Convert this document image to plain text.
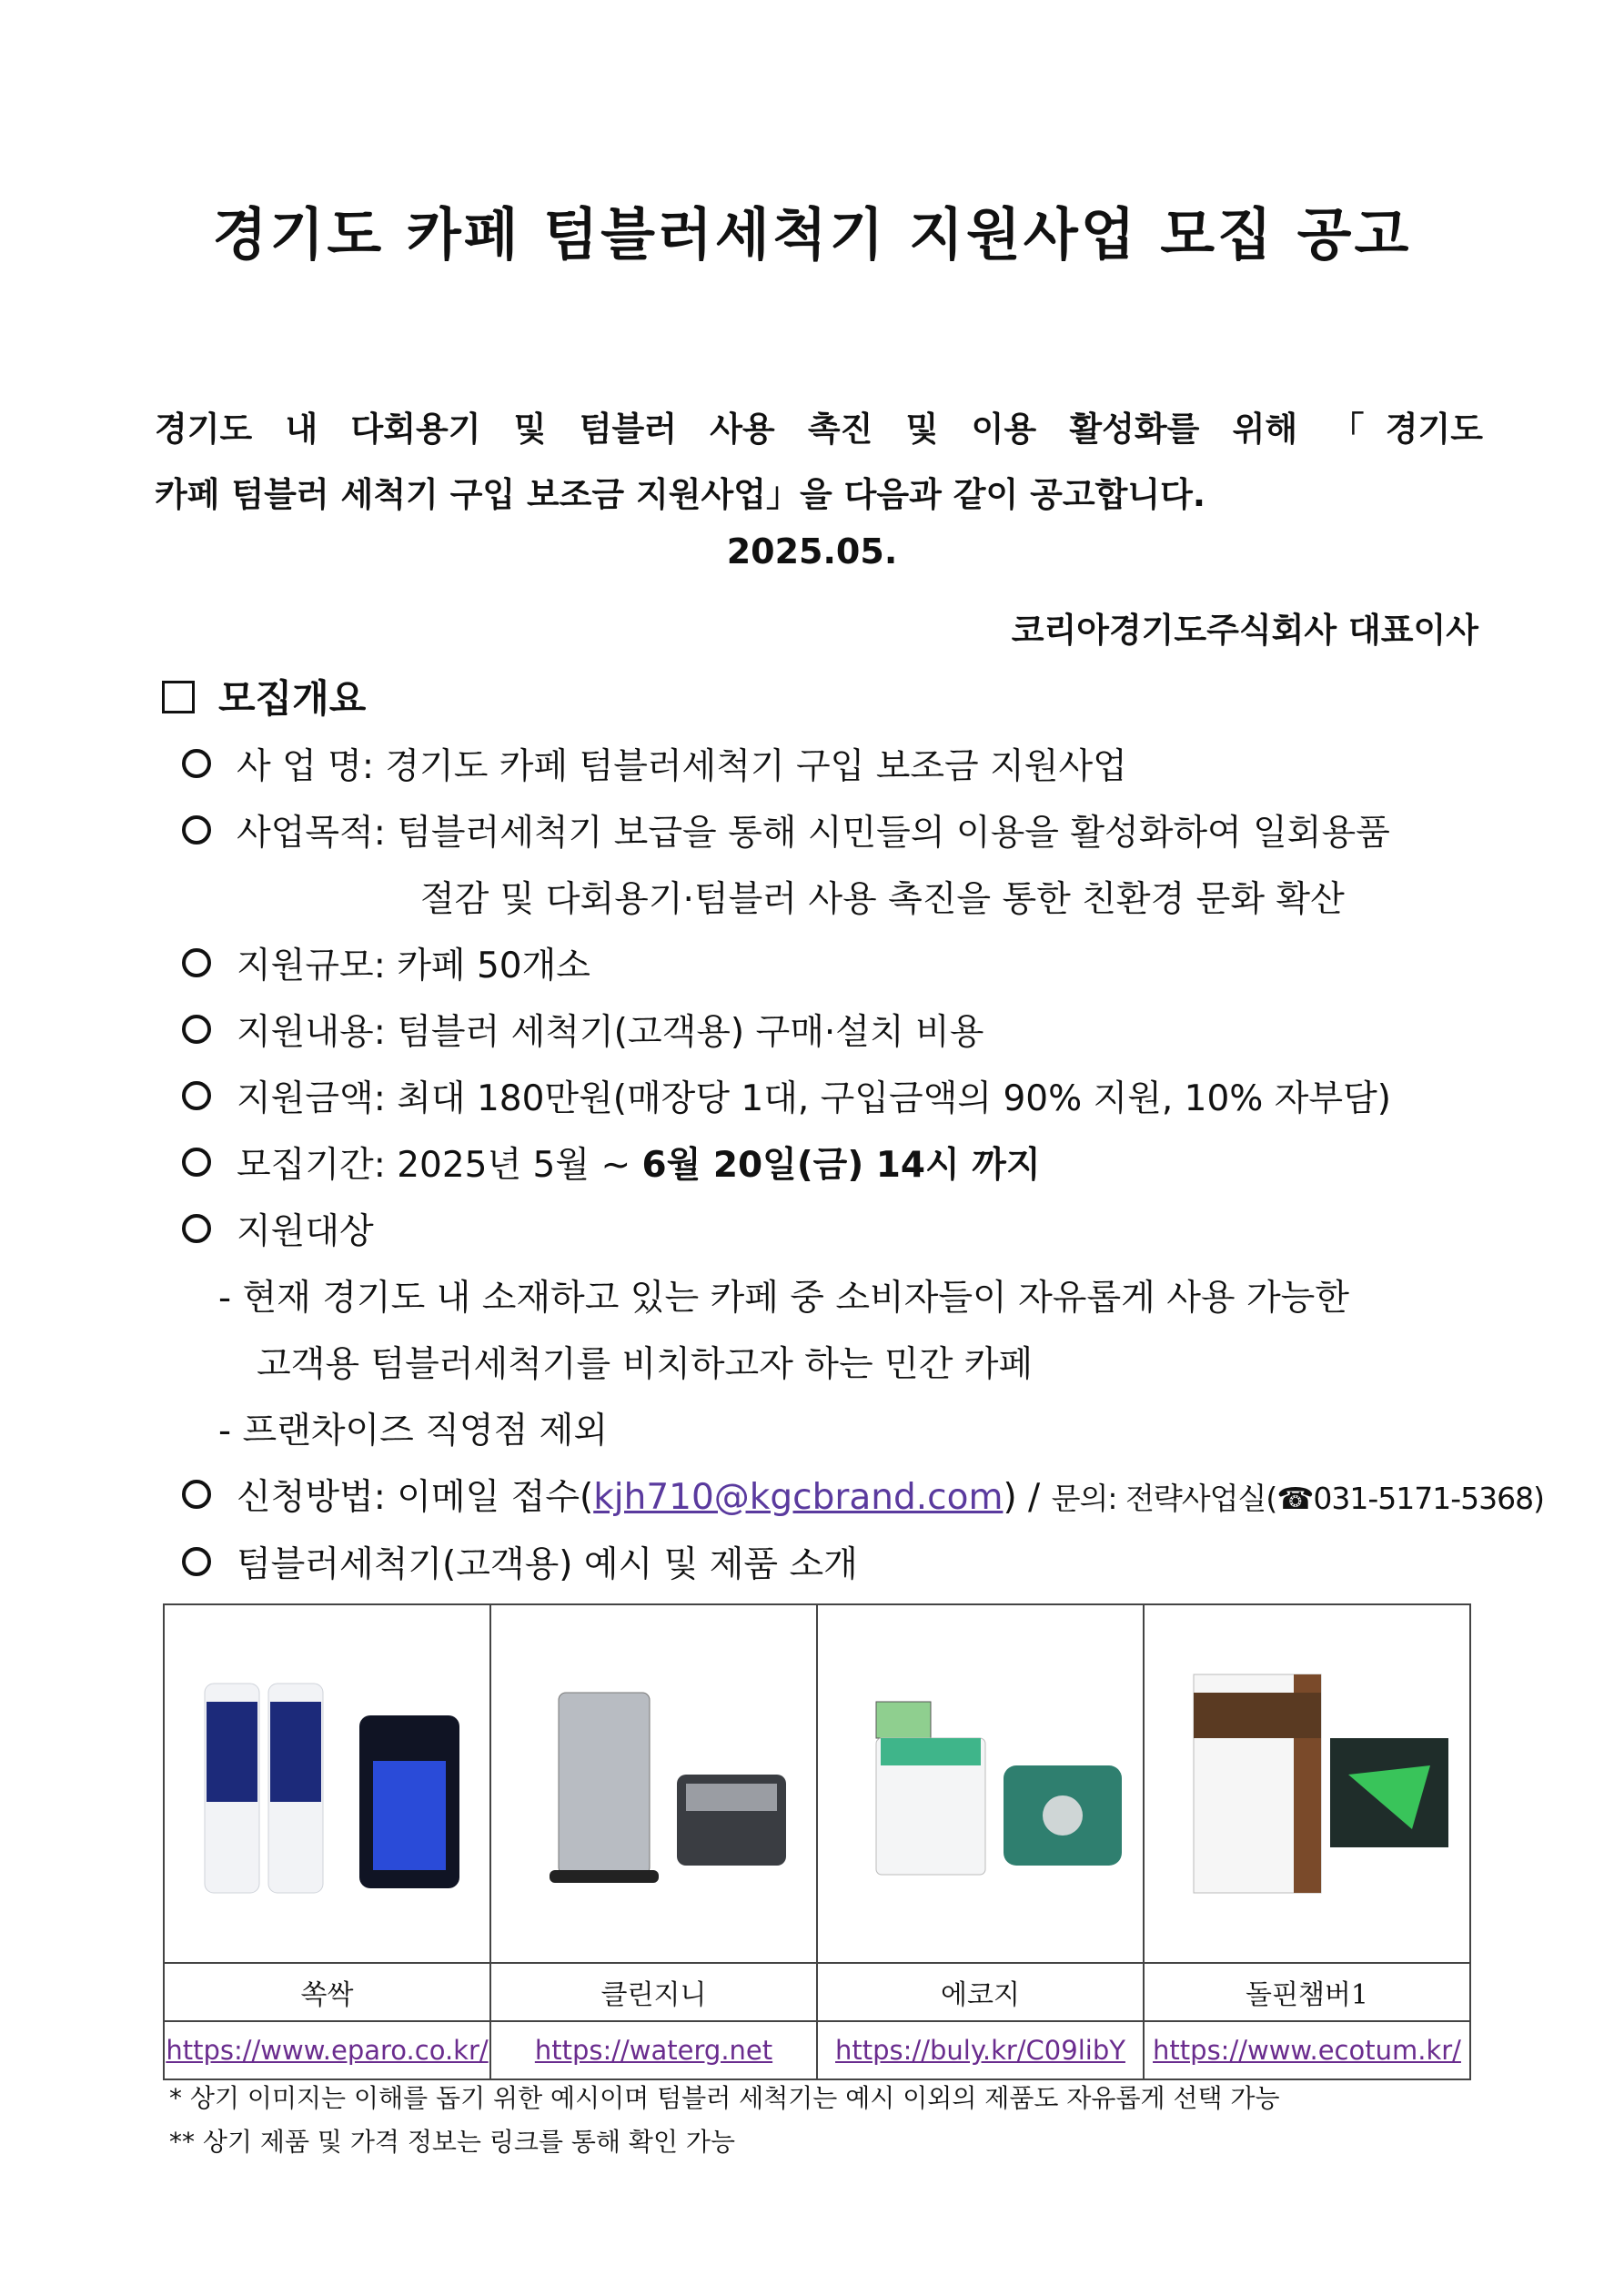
경기도 카페 텀블러세척기 지원사업 모집 공고
경기도 내 다회용기 및 텀블러 사용 촉진 및 이용 활성화를 위해 「경기도
카페 텀블러 세척기 구입 보조금 지원사업」을 다음과 같이 공고합니다.
2025.05.
코리아경기도주식회사 대표이사
모집개요
사 업 명: 경기도 카페 텀블러세척기 구입 보조금 지원사업
사업목적: 텀블러세척기 보급을 통해 시민들의 이용을 활성화하여 일회용품
절감 및 다회용기·텀블러 사용 촉진을 통한 친환경 문화 확산
지원규모: 카페 50개소
지원내용: 텀블러 세척기(고객용) 구매·설치 비용
지원금액: 최대 180만원(매장당 1대, 구입금액의 90% 지원, 10% 자부담)
모집기간: 2025년 5월 ~ 6월 20일(금) 14시 까지
지원대상
- 현재 경기도 내 소재하고 있는 카페 중 소비자들이 자유롭게 사용 가능한
고객용 텀블러세척기를 비치하고자 하는 민간 카페
- 프랜차이즈 직영점 제외
신청방법: 이메일 접수(kjh710@kgcbrand.com) / 문의: 전략사업실(☎031-5171-5368)
텀블러세척기(고객용) 예시 및 제품 소개

쏙싹	클린지니	에코지	돌핀챔버1
https://www.eparo.co.kr/	https://waterg.net	https://buly.kr/C09libY	https://www.ecotum.kr/
* 상기 이미지는 이해를 돕기 위한 예시이며 텀블러 세척기는 예시 이외의 제품도 자유롭게 선택 가능
** 상기 제품 및 가격 정보는 링크를 통해 확인 가능
